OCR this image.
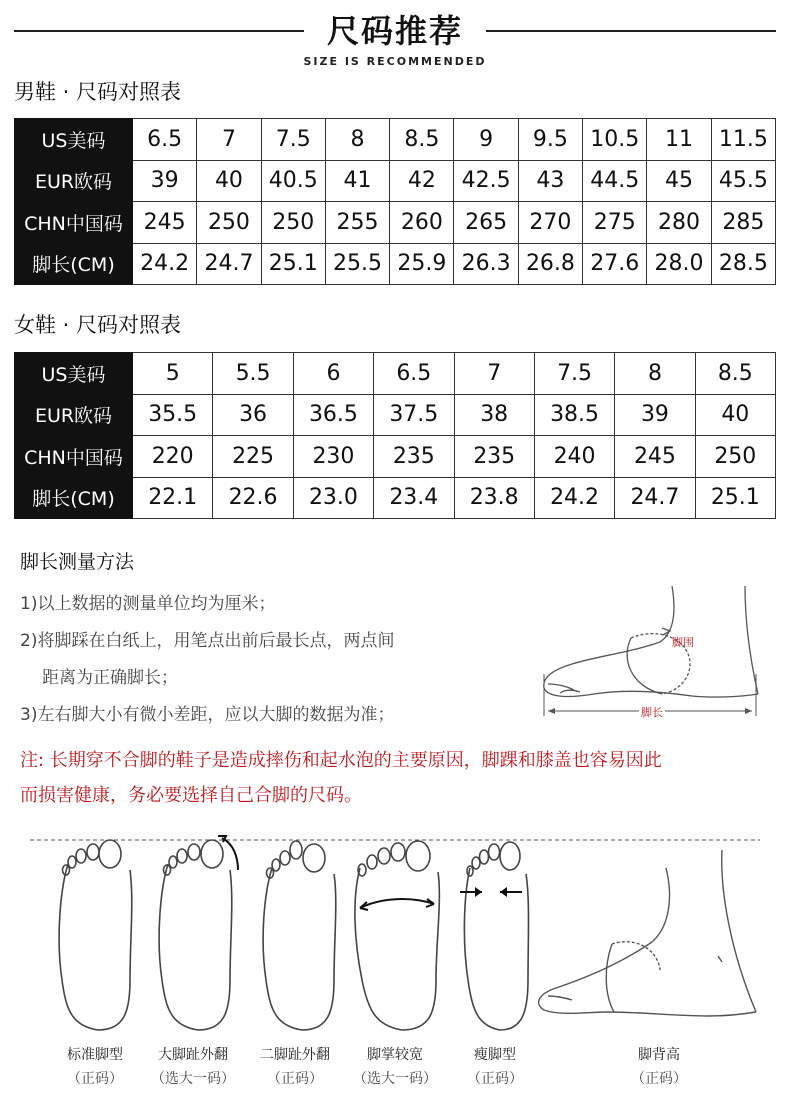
尺码推荐
SIZE IS RECOMMENDED
男鞋 · 尺码对照表
US美码	6.5	7	7.5	8	8.5	9	9.5	10.5	11	11.5
EUR欧码	39	40	40.5	41	42	42.5	43	44.5	45	45.5
CHN中国码	245	250	250	255	260	265	270	275	280	285
脚长(CM)	24.2	24.7	25.1	25.5	25.9	26.3	26.8	27.6	28.0	28.5
女鞋 · 尺码对照表
US美码	5	5.5	6	6.5	7	7.5	8	8.5
EUR欧码	35.5	36	36.5	37.5	38	38.5	39	40
CHN中国码	220	225	230	235	235	240	245	250
脚长(CM)	22.1	22.6	23.0	23.4	23.8	24.2	24.7	25.1
脚长测量方法
1)以上数据的测量单位均为厘米；
2)将脚踩在白纸上，用笔点出前后最长点，两点间
距离为正确脚长；
3)左右脚大小有微小差距，应以大脚的数据为准；
注: 长期穿不合脚的鞋子是造成摔伤和起水泡的主要原因，脚踝和膝盖也容易因此
而损害健康，务必要选择自己合脚的尺码。
脚围
脚长
标准脚型
（正码）
大脚趾外翻
（选大一码）
二脚趾外翻
（正码）
脚掌较宽
（选大一码）
瘦脚型
（正码）
脚背高
（正码）
